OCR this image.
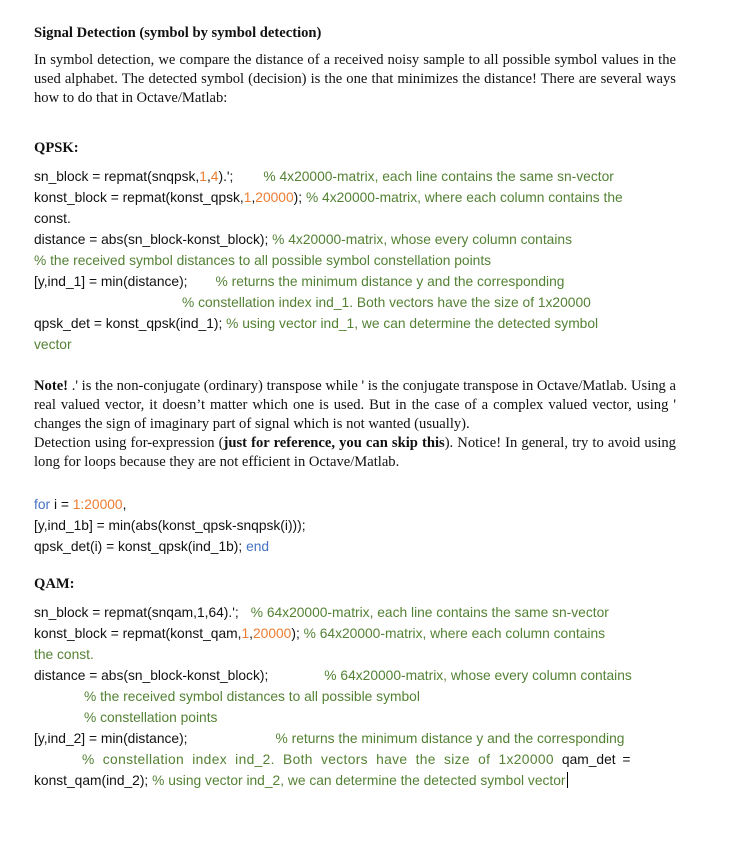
Signal Detection (symbol by symbol detection)
In symbol detection, we compare the distance of a received noisy sample to all possible symbol values in the used alphabet. The detected symbol (decision) is the one that minimizes the distance! There are several ways how to do that in Octave/Matlab:
QPSK:
sn_block = repmat(snqpsk,1,4).'; % 4x20000-matrix, each line contains the same sn-vector
konst_block = repmat(konst_qpsk,1,20000); % 4x20000-matrix, where each column contains the
const.
distance = abs(sn_block-konst_block); % 4x20000-matrix, whose every column contains
% the received symbol distances to all possible symbol constellation points
[y,ind_1] = min(distance); % returns the minimum distance y and the corresponding
% constellation index ind_1. Both vectors have the size of 1x20000
qpsk_det = konst_qpsk(ind_1); % using vector ind_1, we can determine the detected symbol
vector
Note! .' is the non-conjugate (ordinary) transpose while ' is the conjugate transpose in Octave/Matlab. Using a real valued vector, it doesn’t matter which one is used. But in the case of a complex valued vector, using ' changes the sign of imaginary part of signal which is not wanted (usually).
Detection using for-expression (just for reference, you can skip this). Notice! In general, try to avoid using long for loops because they are not efficient in Octave/Matlab.
for i = 1:20000,
[y,ind_1b] = min(abs(konst_qpsk-snqpsk(i)));
qpsk_det(i) = konst_qpsk(ind_1b); end
QAM:
sn_block = repmat(snqam,1,64).'; % 64x20000-matrix, each line contains the same sn-vector
konst_block = repmat(konst_qam,1,20000); % 64x20000-matrix, where each column contains
the const.
distance = abs(sn_block-konst_block);	% 64x20000-matrix, whose every column contains
% the received symbol distances to all possible symbol
% constellation points
[y,ind_2] = min(distance);	% returns the minimum distance y and the corresponding
% constellation index ind_2. Both vectors have the size of 1x20000 qam_det =
konst_qam(ind_2); % using vector ind_2, we can determine the detected symbol vector
